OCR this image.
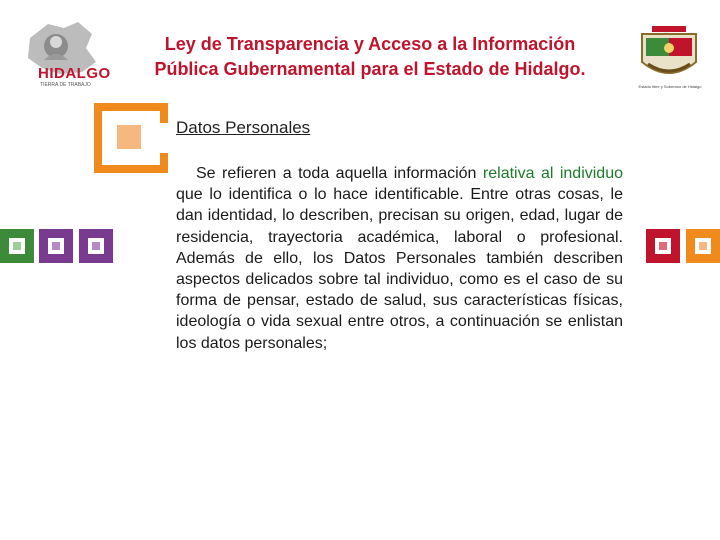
Ley de Transparencia y Acceso a la Información
Pública Gubernamental para el Estado de Hidalgo.
HIDALGO
TIERRA DE TRABAJO	Estado libre y Soberano de Hidalgo
Datos Personales
Se refieren a toda aquella información relativa al individuo que lo identifica o lo hace identificable. Entre otras cosas, le dan identidad, lo describen, precisan su origen, edad, lugar de residencia, trayectoria académica, laboral o profesional. Además de ello, los Datos Personales también describen aspectos delicados sobre tal individuo, como es el caso de su forma de pensar, estado de salud, sus características físicas, ideología o vida sexual entre otros, a continuación se enlistan los datos personales;
